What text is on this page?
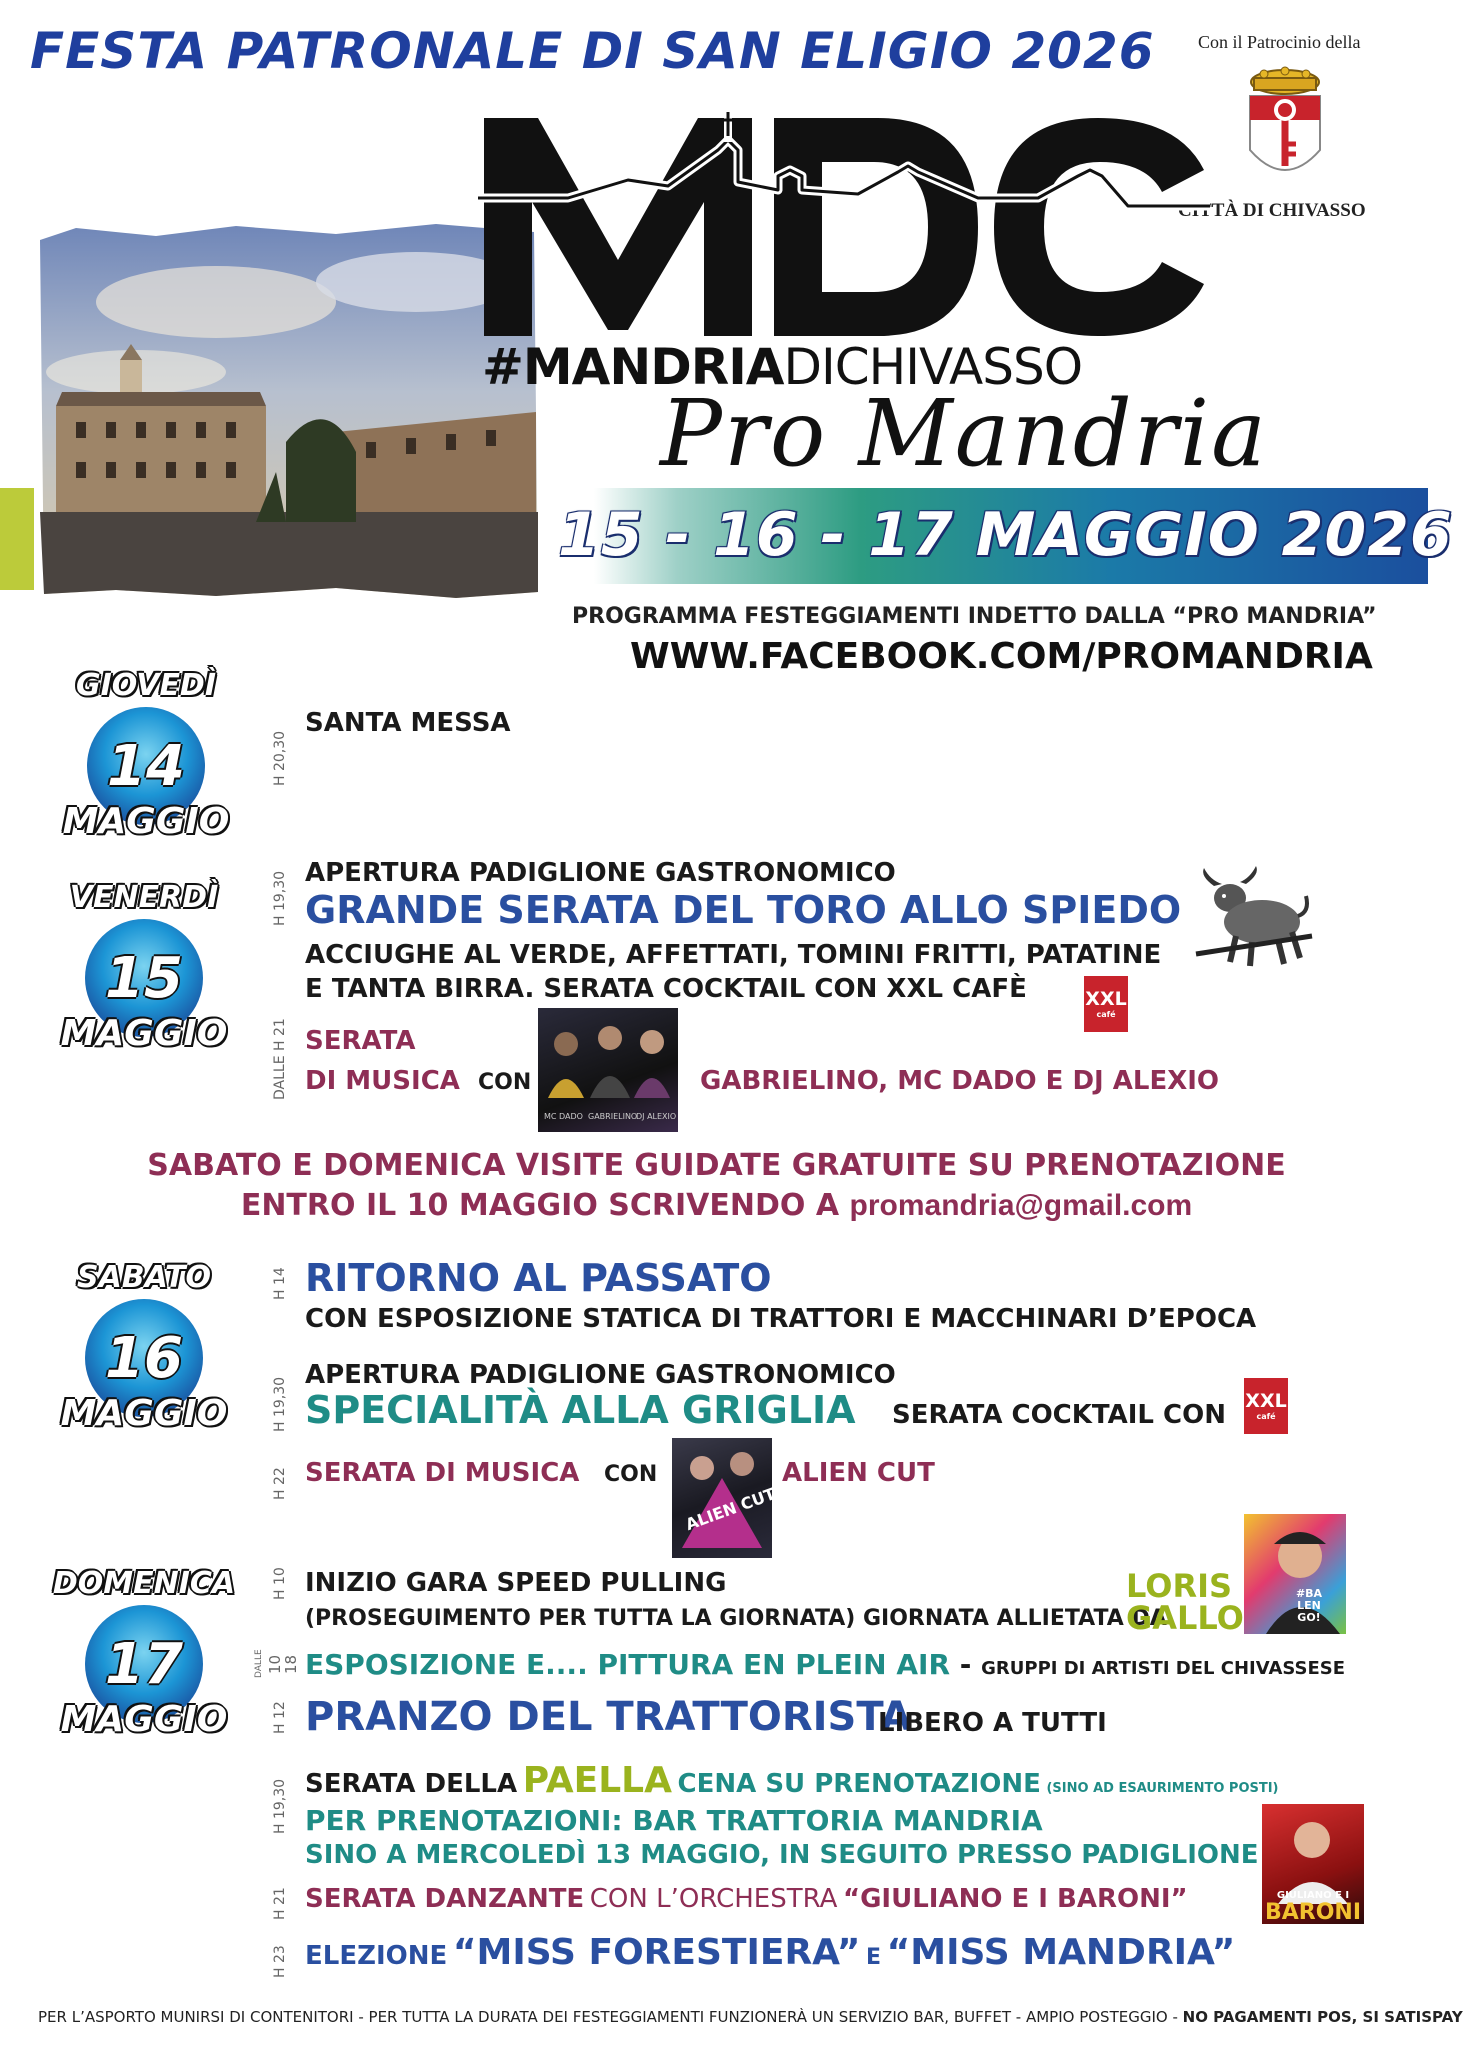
FESTA PATRONALE DI SAN ELIGIO 2026 Con il Patrocinio della
CITTÀ DI CHIVASSO
#MANDRIADICHIVASSO
Pro Mandria
15 - 16 - 17 MAGGIO 2026
PROGRAMMA FESTEGGIAMENTI INDETTO DALLA “PRO MANDRIA”
WWW.FACEBOOK.COM/PROMANDRIA
GIOVEDÌ
14
MAGGIO
VENERDÌ
15
MAGGIO
SABATO
16
MAGGIO
DOMENICA
17
MAGGIO
H 20,30
SANTA MESSA
H 19,30 APERTURA PADIGLIONE GASTRONOMICO
GRANDE SERATA DEL TORO ALLO SPIEDO
ACCIUGHE AL VERDE, AFFETTATI, TOMINI FRITTI, PATATINE
E TANTA BIRRA. SERATA COCKTAIL CON XXL CAFÈ	XXL
café
DALLE H 21 SERATA
DI MUSICA CON
MC DADO GABRIELINO
DJ ALEXIO
GABRIELINO, MC DADO E DJ ALEXIO
SABATO E DOMENICA VISITE GUIDATE GRATUITE SU PRENOTAZIONE
ENTRO IL 10 MAGGIO SCRIVENDO A promandria@gmail.com
H 14 RITORNO AL PASSATO
CON ESPOSIZIONE STATICA DI TRATTORI E MACCHINARI D’EPOCA
H 19,30
APERTURA PADIGLIONE GASTRONOMICO
SPECIALITÀ ALLA GRIGLIA SERATA COCKTAIL CON XXL
café
H 22 SERATA DI MUSICA CON
ALIEN CUT
ALIEN CUT
H 10 INIZIO GARA SPEED PULLING
(PROSEGUIMENTO PER TUTTA LA GIORNATA) GIORNATA ALLIETATA DA
LORIS
GALLO
#BA LEN GO!
DALLE 10
18 ESPOSIZIONE E.... PITTURA EN PLEIN AIR - GRUPPI DI ARTISTI DEL CHIVASSESE
H 12 PRANZO DEL TRATTORISTA
LIBERO A TUTTI
H 19,30 SERATA DELLA PAELLA CENA SU PRENOTAZIONE (SINO AD ESAURIMENTO POSTI)
PER PRENOTAZIONI: BAR TRATTORIA MANDRIA
SINO A MERCOLEDÌ 13 MAGGIO, IN SEGUITO PRESSO PADIGLIONE
GIULIANO E I
BARONI
H 21 SERATA DANZANTE CON L’ORCHESTRA “GIULIANO E I BARONI”
H 23 ELEZIONE “MISS FORESTIERA” E “MISS MANDRIA”
PER L’ASPORTO MUNIRSI DI CONTENITORI - PER TUTTA LA DURATA DEI FESTEGGIAMENTI FUNZIONERÀ UN SERVIZIO BAR, BUFFET - AMPIO POSTEGGIO - NO PAGAMENTI POS, SI SATISPAY
